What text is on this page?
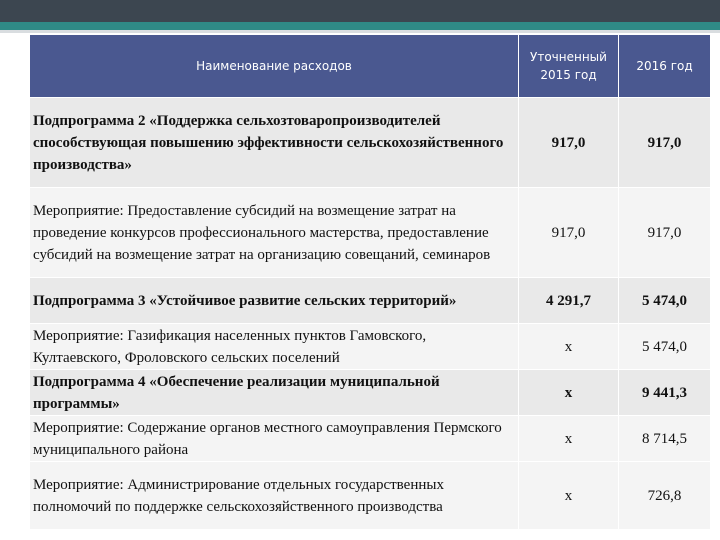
Наименование расходов	Уточненный 2015 год	2016 год
Подпрограмма 2 «Поддержка сельхозтоваропроизводителей способствующая повышению эффективности сельскохозяйственного производства»	917,0	917,0
Мероприятие: Предоставление субсидий на возмещение затрат на проведение конкурсов профессионального мастерства, предоставление субсидий на возмещение затрат на организацию совещаний, семинаров	917,0	917,0
Подпрограмма 3 «Устойчивое развитие сельских территорий»	4 291,7	5 474,0
Мероприятие: Газификация населенных пунктов Гамовского, Култаевского, Фроловского сельских поселений	х	5 474,0
Подпрограмма 4 «Обеспечение реализации муниципальной программы»	х	9 441,3
Мероприятие: Содержание органов местного самоуправления Пермского муниципального района	х	8 714,5
Мероприятие: Администрирование отдельных государственных полномочий по поддержке сельскохозяйственного производства	х	726,8
